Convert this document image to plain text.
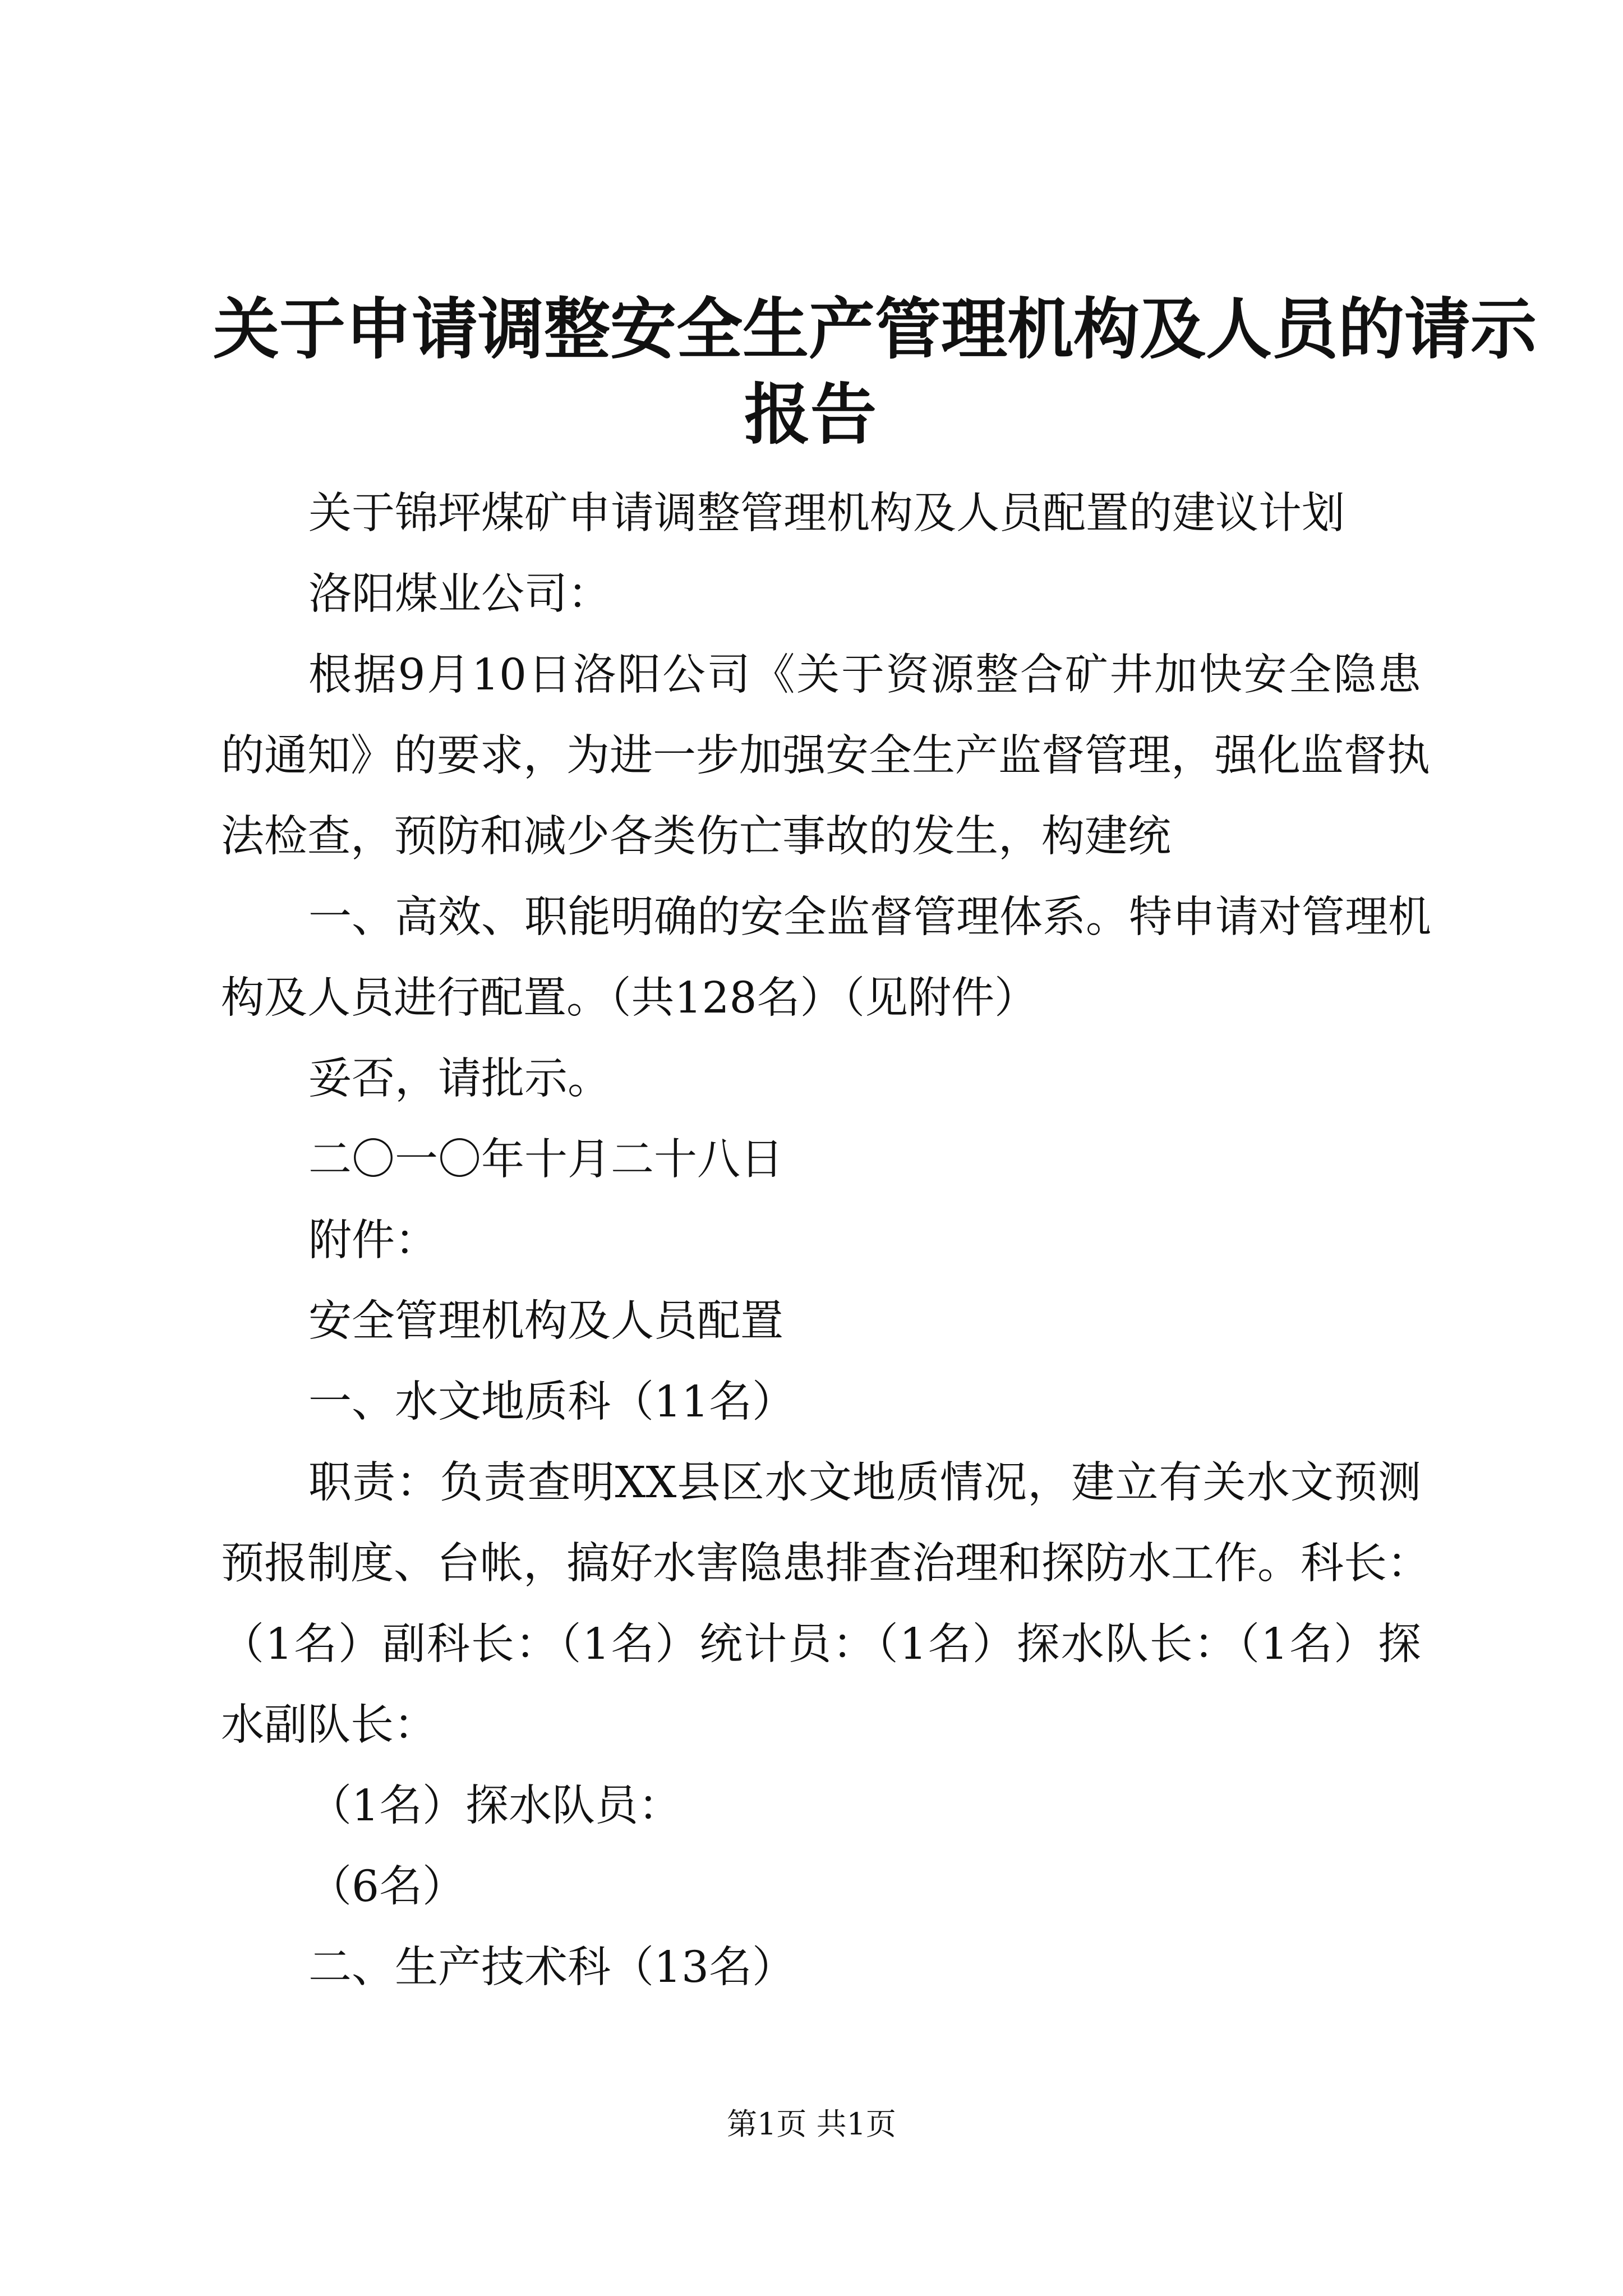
关于申请调整安全生产管理机构及人员的请示
报告
关于锦坪煤矿申请调整管理机构及人员配置的建议计划
洛阳煤业公司：
根据9月10日洛阳公司《关于资源整合矿井加快安全隐患
的通知》的要求，为进一步加强安全生产监督管理，强化监督执
法检查，预防和减少各类伤亡事故的发生，构建统
一、高效、职能明确的安全监督管理体系。特申请对管理机
构及人员进行配置。（共128名）（见附件）
妥否，请批示。
二〇一〇年十月二十八日
附件：
安全管理机构及人员配置
一、水文地质科（11名）
职责：负责查明XX县区水文地质情况，建立有关水文预测
预报制度、台帐，搞好水害隐患排查治理和探防水工作。科长：
（1名）副科长：（1名）统计员：（1名）探水队长：（1名）探
水副队长：
（1名）探水队员：
（6名）
二、生产技术科（13名）
第1页 共1页
